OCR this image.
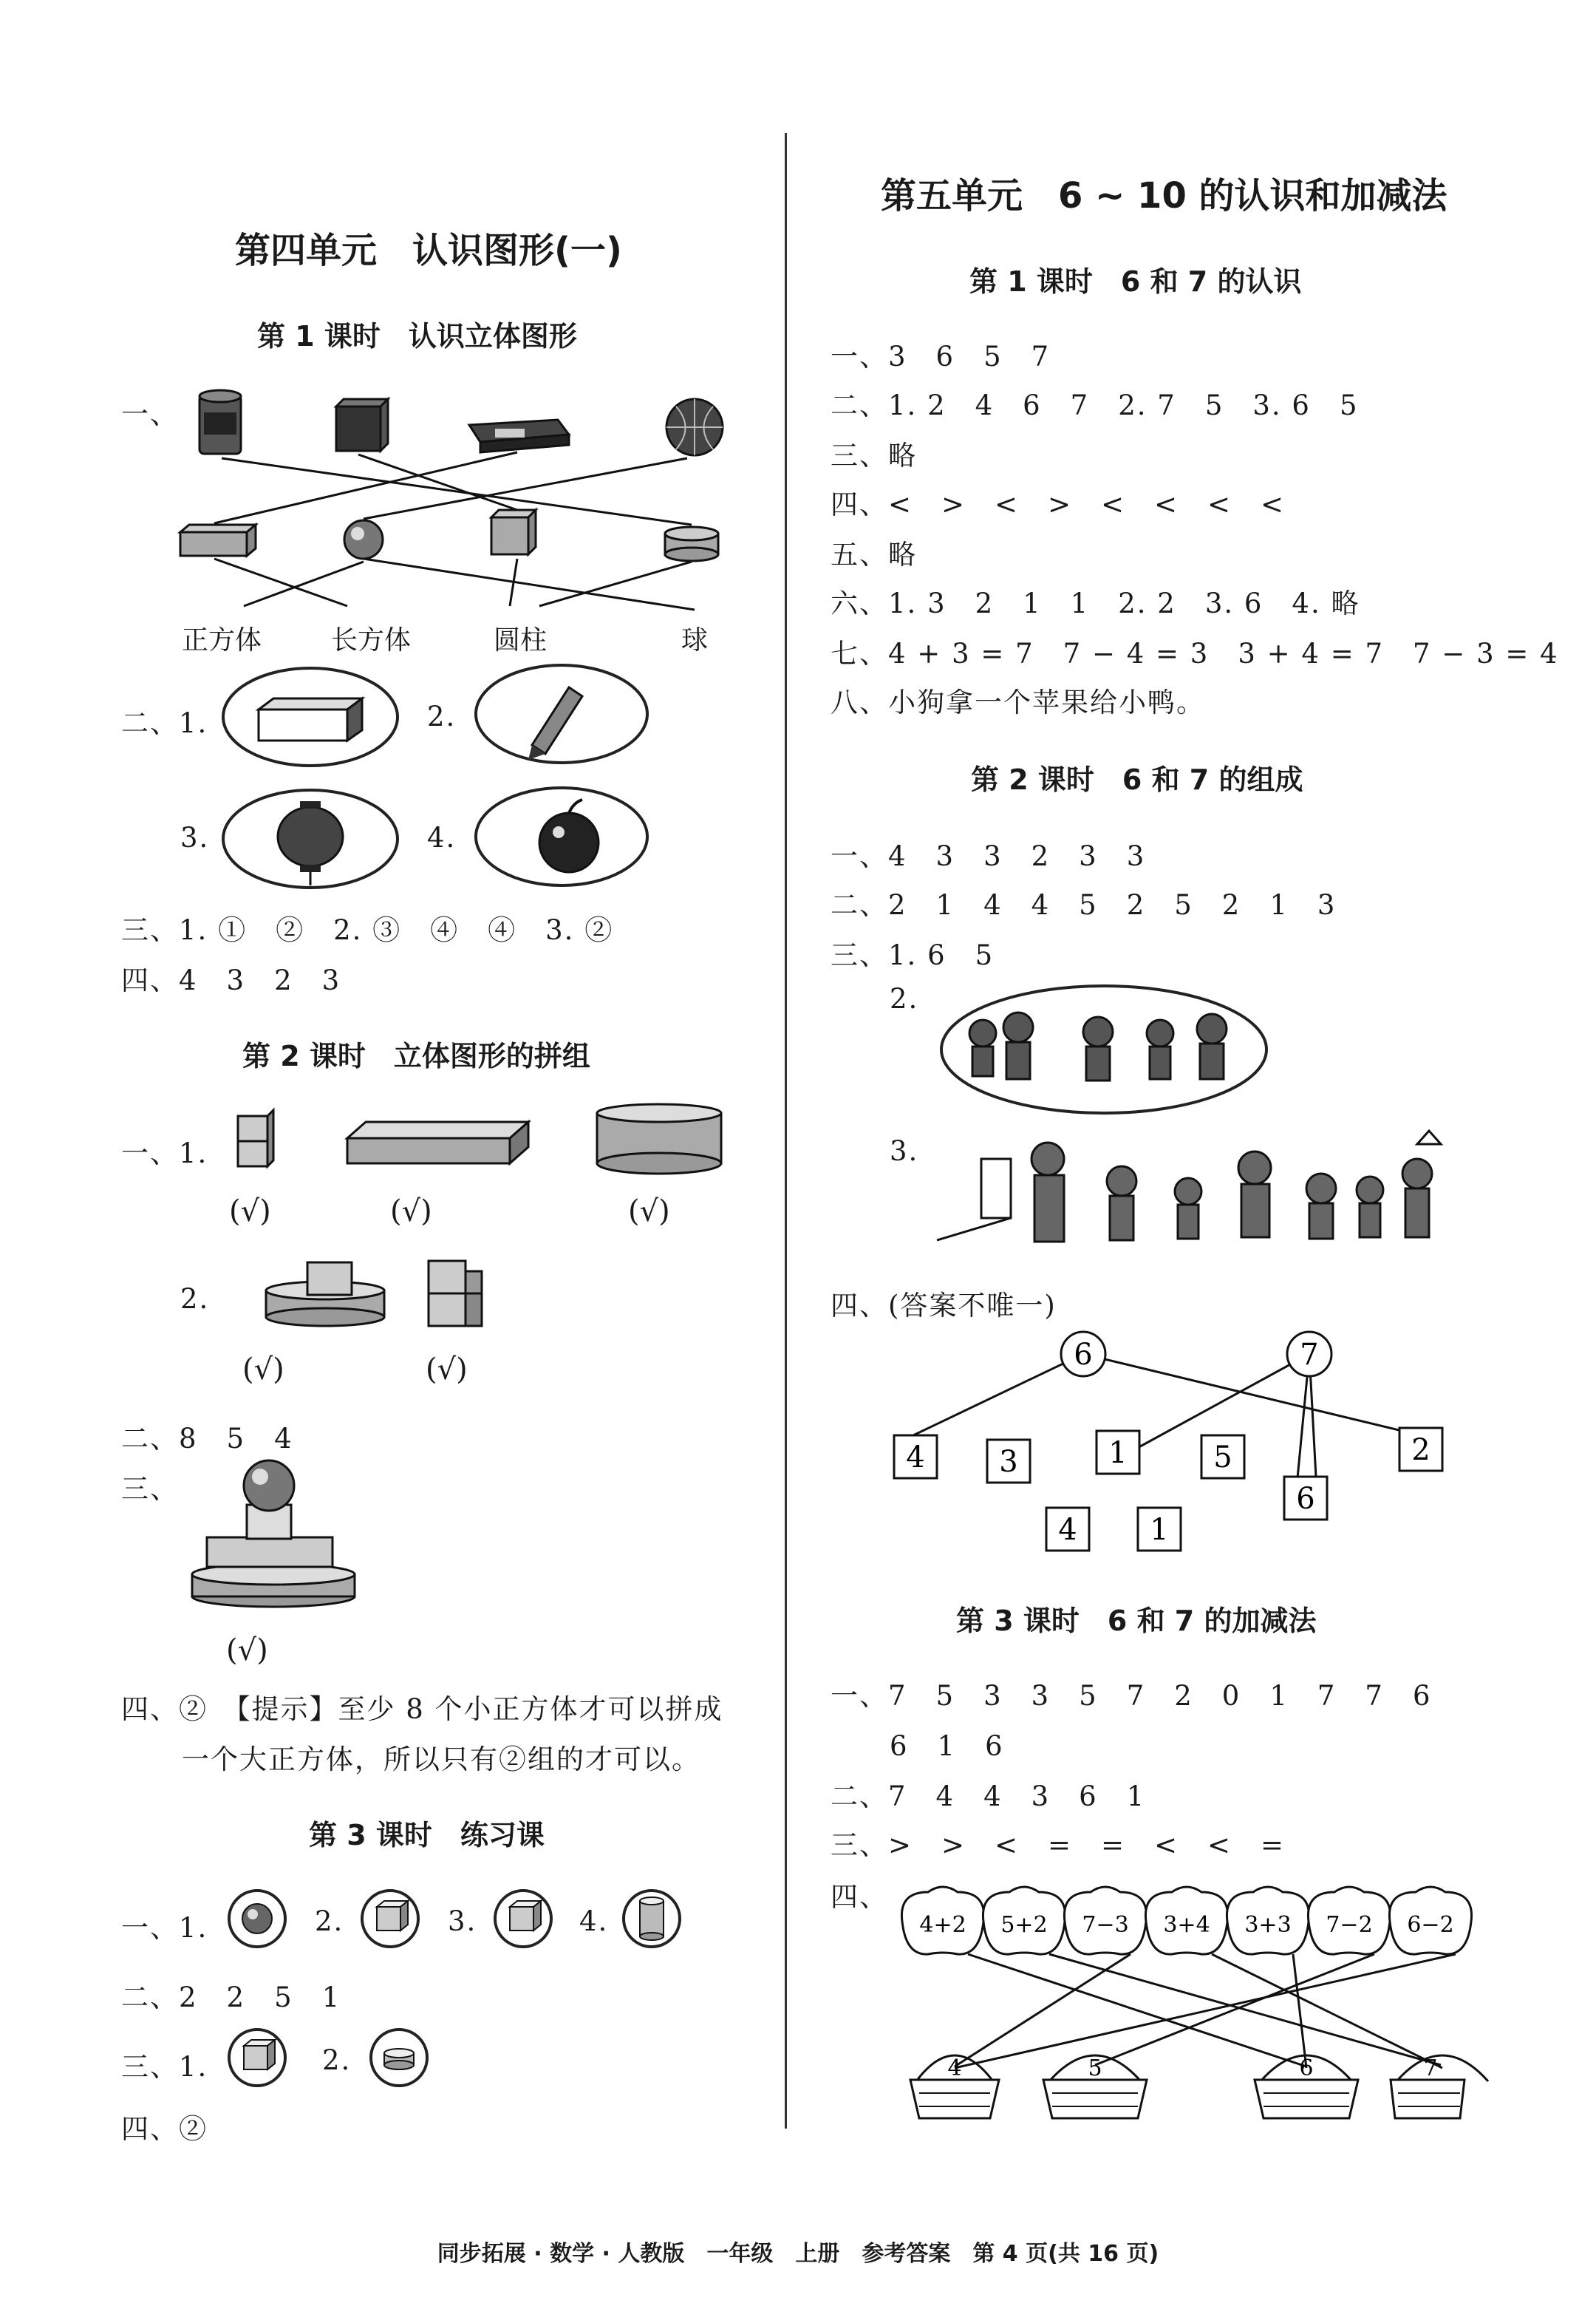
第四单元　认识图形(一)
第 1 课时　认识立体图形
一、
正方体	长方体	圆柱	球
二、1.	2.
3.	4.
三、1. ①　②　2. ③　④　④　3. ②
四、4　3　2　3
第 2 课时　立体图形的拼组
一、1.
(√)	(√)	(√)
2.
(√)	(√)
二、8　5　4
三、
(√)
四、②　【提示】至少 8 个小正方体才可以拼成
一个大正方体，所以只有②组的才可以。
第 3 课时　练习课
一、1.	2.	3.	4.
二、2　2　5　1
三、1.	2.
四、②
第五单元　6 ~ 10 的认识和加减法
第 1 课时　6 和 7 的认识
一、3　6　5　7
二、1. 2　4　6　7　2. 7　5　3. 6　5
三、略
四、<　>　<　>　<　<　<　<
五、略
六、1. 3　2　1　1　2. 2　3. 6　4. 略
七、4 + 3 = 7　7 − 4 = 3　3 + 4 = 7　7 − 3 = 4
八、小狗拿一个苹果给小鸭。
第 2 课时　6 和 7 的组成
一、4　3　3　2　3　3
二、2　1　4　4　5　2　5　2　1　3
三、1. 6　5
2.
3.
四、(答案不唯一)
6	7
4	3	1	5	2
6
4 1
第 3 课时　6 和 7 的加减法
一、7　5　3　3　5　7　2　0　1　7　7　6
6　1　6
二、7　4　4　3　6　1
三、>　>　<　=　=　<　<　=
四、
4+2 5+2 7−3 3+4 3+3 7−2 6−2
4	5	6	7
同步拓展 · 数学 · 人教版　一年级　上册　参考答案　第 4 页(共 16 页)
